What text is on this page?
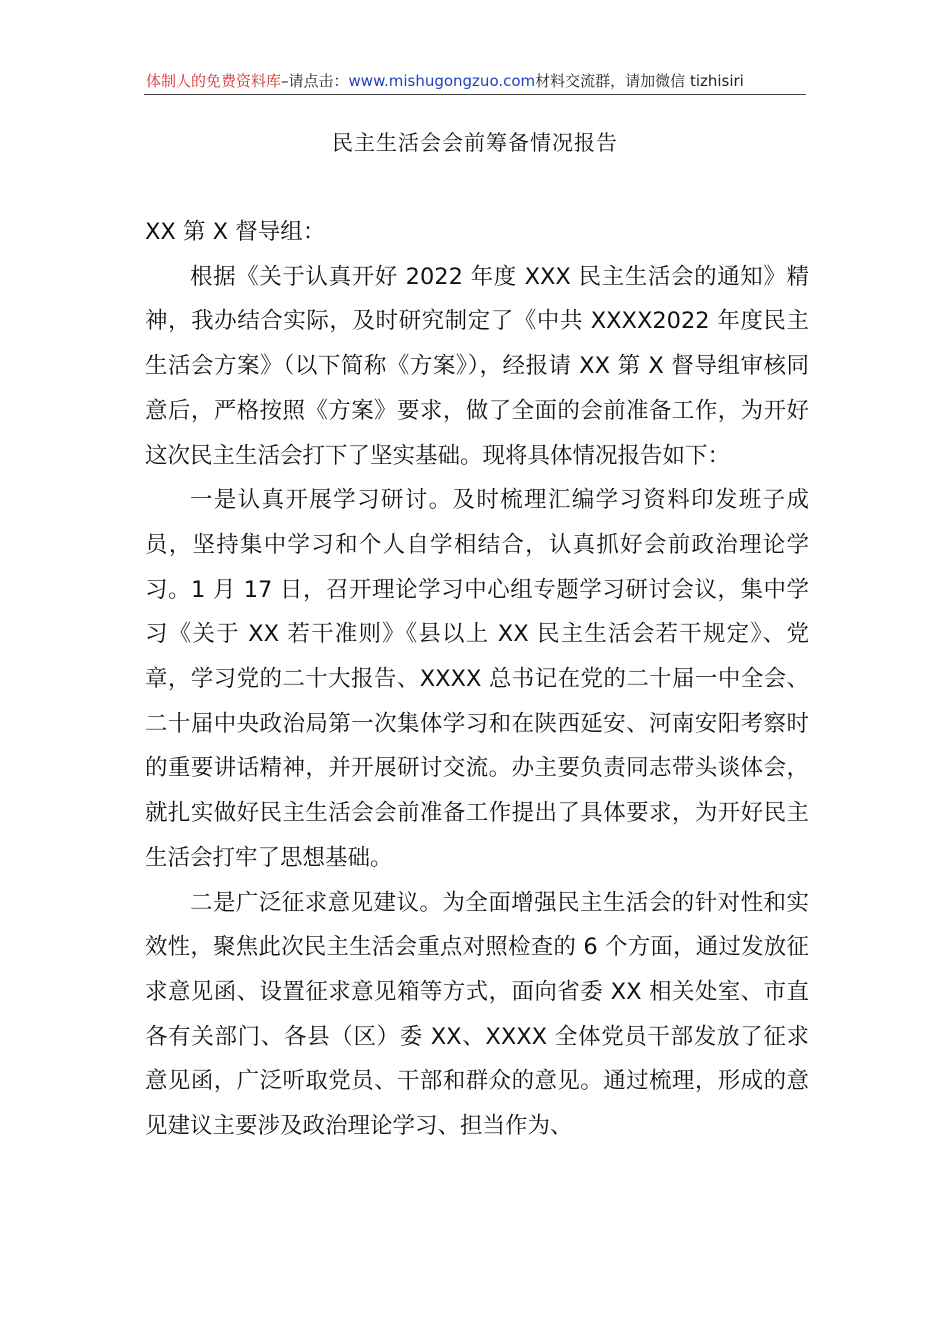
体制人的免费资料库–请点击：www.mishugongzuo.com材料交流群，请加微信 tizhisiri
民主生活会会前筹备情况报告

XX 第 X 督导组：

根据《关于认真开好 2022 年度 XXX 民主生活会的通知》精神，我办结合实际，及时研究制定了《中共 XXXX2022 年度民主生活会方案》（以下简称《方案》），经报请 XX 第 X 督导组审核同意后，严格按照《方案》要求，做了全面的会前准备工作，为开好这次民主生活会打下了坚实基础。现将具体情况报告如下：

一是认真开展学习研讨。及时梳理汇编学习资料印发班子成员，坚持集中学习和个人自学相结合，认真抓好会前政治理论学习。1 月 17 日，召开理论学习中心组专题学习研讨会议，集中学习《关于 XX 若干准则》《县以上 XX 民主生活会若干规定》、党章，学习党的二十大报告、XXXX 总书记在党的二十届一中全会、二十届中央政治局第一次集体学习和在陕西延安、河南安阳考察时的重要讲话精神，并开展研讨交流。办主要负责同志带头谈体会，就扎实做好民主生活会会前准备工作提出了具体要求，为开好民主生活会打牢了思想基础。

二是广泛征求意见建议。为全面增强民主生活会的针对性和实效性，聚焦此次民主生活会重点对照检查的 6 个方面，通过发放征求意见函、设置征求意见箱等方式，面向省委 XX 相关处室、市直各有关部门、各县（区）委 XX、XXXX 全体党员干部发放了征求意见函，广泛听取党员、干部和群众的意见。通过梳理，形成的意见建议主要涉及政治理论学习、担当作为、
